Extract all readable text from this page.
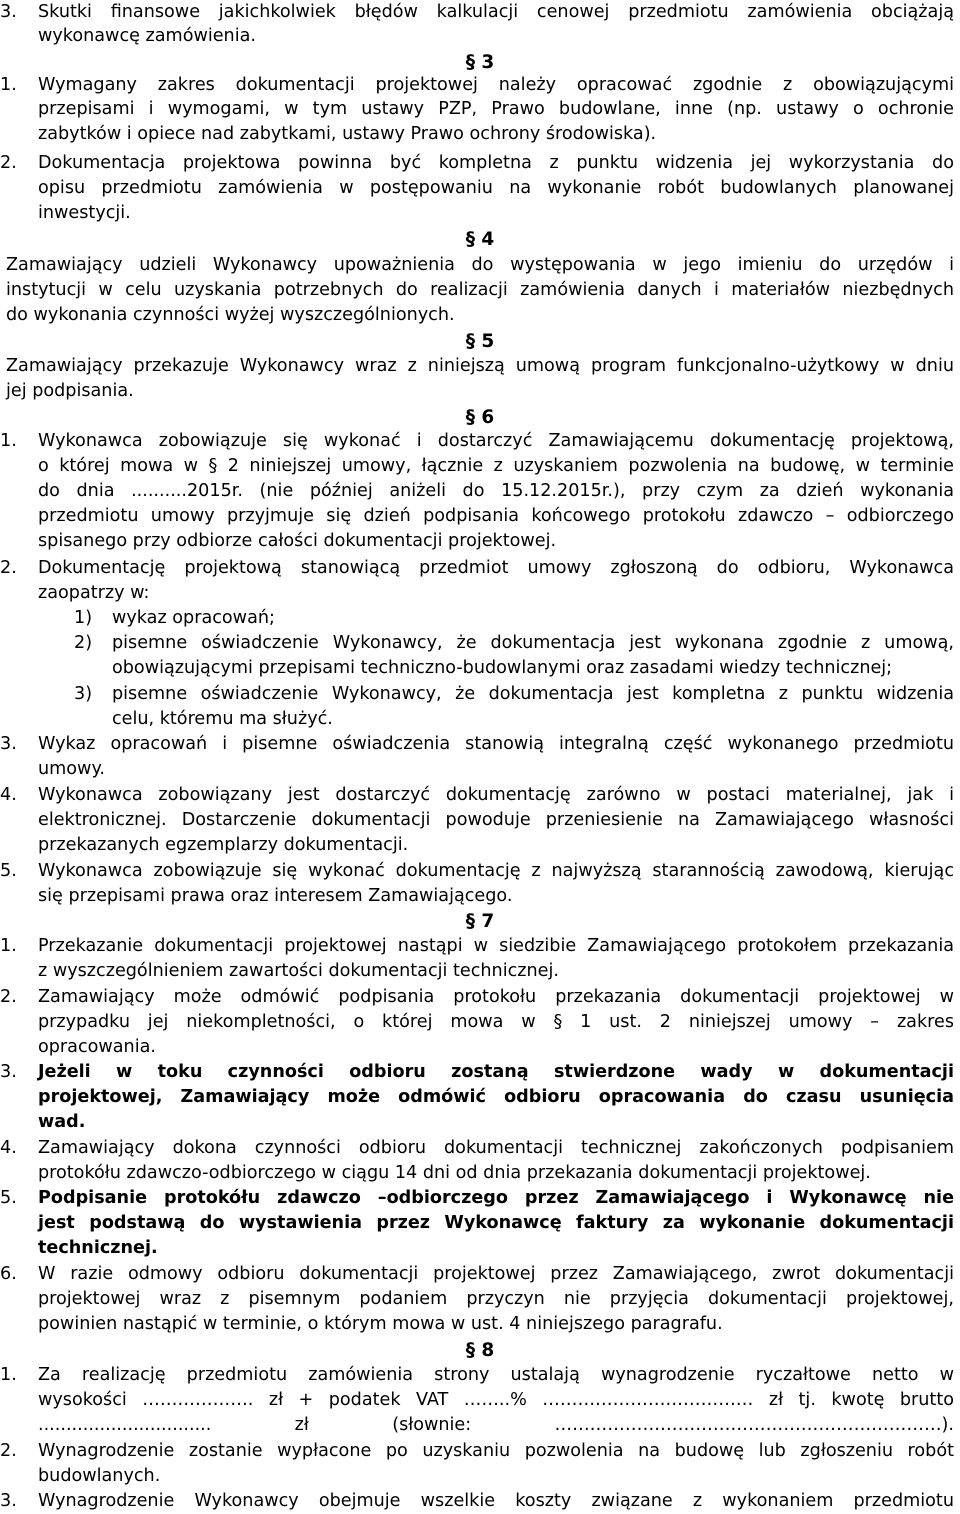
3.	Skutki finansowe jakichkolwiek błędów kalkulacji cenowej przedmiotu zamówienia obciążają
wykonawcę zamówienia.
§ 3
1.	Wymagany zakres dokumentacji projektowej należy opracować zgodnie z obowiązującymi
przepisami i wymogami, w tym ustawy PZP, Prawo budowlane, inne (np. ustawy o ochronie
zabytków i opiece nad zabytkami, ustawy Prawo ochrony środowiska).
2.	Dokumentacja projektowa powinna być kompletna z punktu widzenia jej wykorzystania do
opisu przedmiotu zamówienia w postępowaniu na wykonanie robót budowlanych planowanej
inwestycji.
§ 4
Zamawiający udzieli Wykonawcy upoważnienia do występowania w jego imieniu do urzędów i
instytucji w celu uzyskania potrzebnych do realizacji zamówienia danych i materiałów niezbędnych
do wykonania czynności wyżej wyszczególnionych.
§ 5
Zamawiający przekazuje Wykonawcy wraz z niniejszą umową program funkcjonalno-użytkowy w dniu
jej podpisania.
§ 6
1.	Wykonawca zobowiązuje się wykonać i dostarczyć Zamawiającemu dokumentację projektową,
o której mowa w § 2 niniejszej umowy, łącznie z uzyskaniem pozwolenia na budowę, w terminie
do dnia ..........2015r. (nie później aniżeli do 15.12.2015r.), przy czym za dzień wykonania
przedmiotu umowy przyjmuje się dzień podpisania końcowego protokołu zdawczo – odbiorczego
spisanego przy odbiorze całości dokumentacji projektowej.
2.	Dokumentację projektową stanowiącą przedmiot umowy zgłoszoną do odbioru, Wykonawca
zaopatrzy w:
1)	wykaz opracowań;
2)	pisemne oświadczenie Wykonawcy, że dokumentacja jest wykonana zgodnie z umową,
obowiązującymi przepisami techniczno-budowlanymi oraz zasadami wiedzy technicznej;
3)	pisemne oświadczenie Wykonawcy, że dokumentacja jest kompletna z punktu widzenia
celu, któremu ma służyć.
3.	Wykaz opracowań i pisemne oświadczenia stanowią integralną część wykonanego przedmiotu
umowy.
4.	Wykonawca zobowiązany jest dostarczyć dokumentację zarówno w postaci materialnej, jak i
elektronicznej. Dostarczenie dokumentacji powoduje przeniesienie na Zamawiającego własności
przekazanych egzemplarzy dokumentacji.
5.	Wykonawca zobowiązuje się wykonać dokumentację z najwyższą starannością zawodową, kierując
się przepisami prawa oraz interesem Zamawiającego.
§ 7
1.	Przekazanie dokumentacji projektowej nastąpi w siedzibie Zamawiającego protokołem przekazania
z wyszczególnieniem zawartości dokumentacji technicznej.
2.	Zamawiający może odmówić podpisania protokołu przekazania dokumentacji projektowej w
przypadku jej niekompletności, o której mowa w § 1 ust. 2 niniejszej umowy – zakres
opracowania.
3.	Jeżeli w toku czynności odbioru zostaną stwierdzone wady w dokumentacji
projektowej, Zamawiający może odmówić odbioru opracowania do czasu usunięcia
wad.
4.	Zamawiający dokona czynności odbioru dokumentacji technicznej zakończonych podpisaniem
protokółu zdawczo-odbiorczego w ciągu 14 dni od dnia przekazania dokumentacji projektowej.
5.	Podpisanie protokółu zdawczo –odbiorczego przez Zamawiającego i Wykonawcę nie
jest podstawą do wystawienia przez Wykonawcę faktury za wykonanie dokumentacji
technicznej.
6.	W razie odmowy odbioru dokumentacji projektowej przez Zamawiającego, zwrot dokumentacji
projektowej wraz z pisemnym podaniem przyczyn nie przyjęcia dokumentacji projektowej,
powinien nastąpić w terminie, o którym mowa w ust. 4 niniejszego paragrafu.
§ 8
1.	Za realizację przedmiotu zamówienia strony ustalają wynagrodzenie ryczałtowe netto w
wysokości ………………. zł + podatek VAT ……..% ……………………………… zł tj. kwotę brutto
............................... zł (słownie: …………………………………………………………).
2.	Wynagrodzenie zostanie wypłacone po uzyskaniu pozwolenia na budowę lub zgłoszeniu robót
budowlanych.
3.	Wynagrodzenie Wykonawcy obejmuje wszelkie koszty związane z wykonaniem przedmiotu
